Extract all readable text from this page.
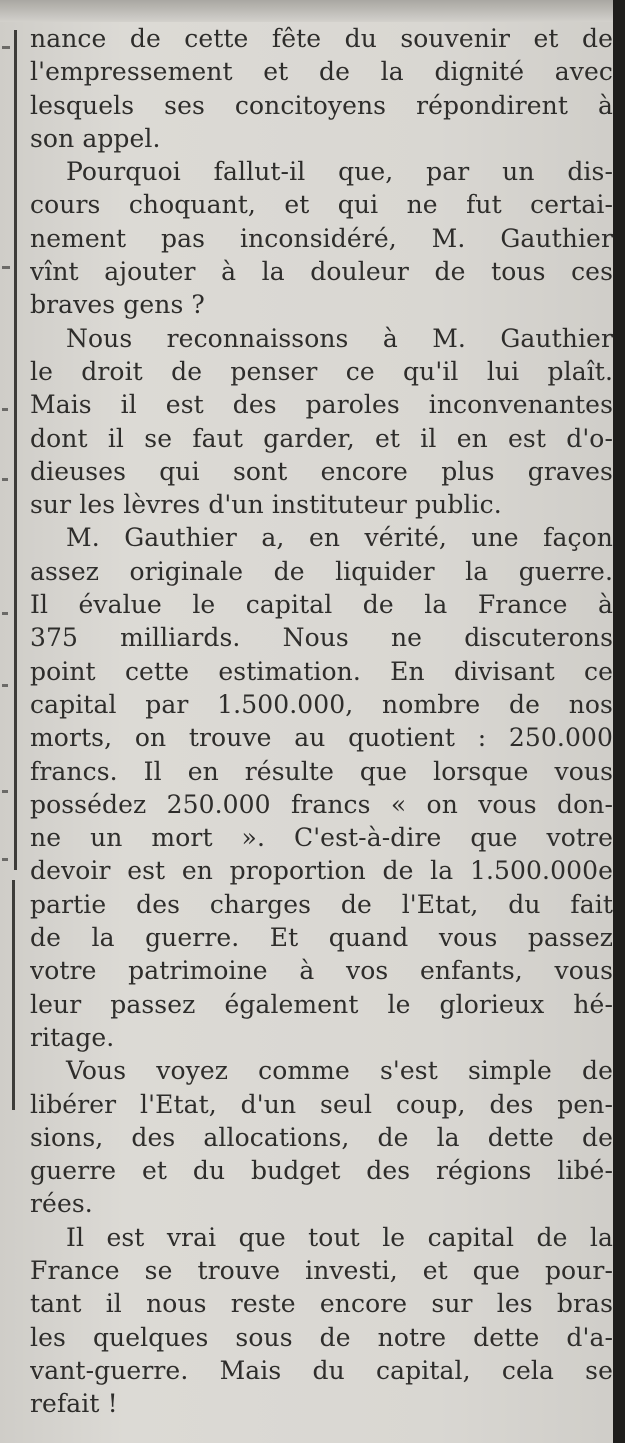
nance de cette fête du souvenir et de
l'empressement et de la dignité avec
lesquels ses concitoyens répondirent à
son appel.
Pourquoi fallut-il que, par un dis-
cours choquant, et qui ne fut certai-
nement pas inconsidéré, M. Gauthier
vînt ajouter à la douleur de tous ces
braves gens ?
Nous reconnaissons à M. Gauthier
le droit de penser ce qu'il lui plaît.
Mais il est des paroles inconvenantes
dont il se faut garder, et il en est d'o-
dieuses qui sont encore plus graves
sur les lèvres d'un instituteur public.
M. Gauthier a, en vérité, une façon
assez originale de liquider la guerre.
Il évalue le capital de la France à
375 milliards. Nous ne discuterons
point cette estimation. En divisant ce
capital par 1.500.000, nombre de nos
morts, on trouve au quotient : 250.000
francs. Il en résulte que lorsque vous
possédez 250.000 francs « on vous don-
ne un mort ». C'est-à-dire que votre
devoir est en proportion de la 1.500.000e
partie des charges de l'Etat, du fait
de la guerre. Et quand vous passez
votre patrimoine à vos enfants, vous
leur passez également le glorieux hé-
ritage.
Vous voyez comme s'est simple de
libérer l'Etat, d'un seul coup, des pen-
sions, des allocations, de la dette de
guerre et du budget des régions libé-
rées.
Il est vrai que tout le capital de la
France se trouve investi, et que pour-
tant il nous reste encore sur les bras
les quelques sous de notre dette d'a-
vant-guerre. Mais du capital, cela se
refait !
